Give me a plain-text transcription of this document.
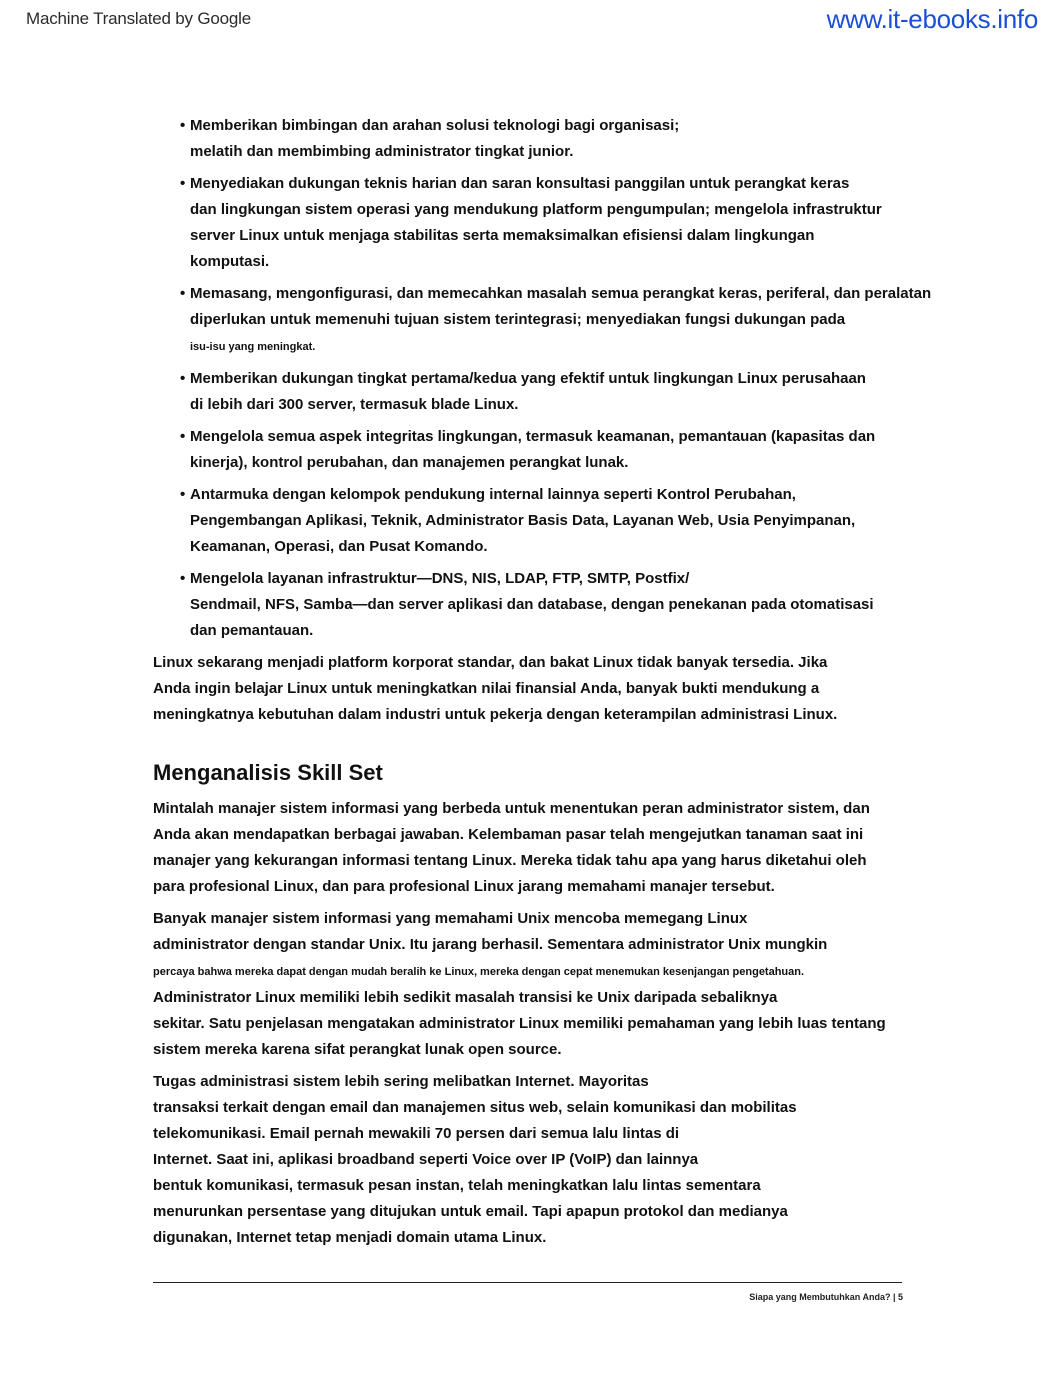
Machine Translated by Google	www.it-ebooks.info
• Memberikan bimbingan dan arahan solusi teknologi bagi organisasi;
melatih dan membimbing administrator tingkat junior.
• Menyediakan dukungan teknis harian dan saran konsultasi panggilan untuk perangkat keras
dan lingkungan sistem operasi yang mendukung platform pengumpulan; mengelola infrastruktur
server Linux untuk menjaga stabilitas serta memaksimalkan efisiensi dalam lingkungan
komputasi.
• Memasang, mengonfigurasi, dan memecahkan masalah semua perangkat keras, periferal, dan peralatan
diperlukan untuk memenuhi tujuan sistem terintegrasi; menyediakan fungsi dukungan pada
isu-isu yang meningkat.
• Memberikan dukungan tingkat pertama/kedua yang efektif untuk lingkungan Linux perusahaan
di lebih dari 300 server, termasuk blade Linux.
• Mengelola semua aspek integritas lingkungan, termasuk keamanan, pemantauan (kapasitas dan
kinerja), kontrol perubahan, dan manajemen perangkat lunak.
• Antarmuka dengan kelompok pendukung internal lainnya seperti Kontrol Perubahan,
Pengembangan Aplikasi, Teknik, Administrator Basis Data, Layanan Web, Usia Penyimpanan,
Keamanan, Operasi, dan Pusat Komando.
• Mengelola layanan infrastruktur—DNS, NIS, LDAP, FTP, SMTP, Postfix/
Sendmail, NFS, Samba—dan server aplikasi dan database, dengan penekanan pada otomatisasi
dan pemantauan.

Linux sekarang menjadi platform korporat standar, dan bakat Linux tidak banyak tersedia. Jika
Anda ingin belajar Linux untuk meningkatkan nilai finansial Anda, banyak bukti mendukung a
meningkatnya kebutuhan dalam industri untuk pekerja dengan keterampilan administrasi Linux.

Menganalisis Skill Set

Mintalah manajer sistem informasi yang berbeda untuk menentukan peran administrator sistem, dan
Anda akan mendapatkan berbagai jawaban. Kelembaman pasar telah mengejutkan tanaman saat ini
manajer yang kekurangan informasi tentang Linux. Mereka tidak tahu apa yang harus diketahui oleh
para profesional Linux, dan para profesional Linux jarang memahami manajer tersebut.

Banyak manajer sistem informasi yang memahami Unix mencoba memegang Linux
administrator dengan standar Unix. Itu jarang berhasil. Sementara administrator Unix mungkin
percaya bahwa mereka dapat dengan mudah beralih ke Linux, mereka dengan cepat menemukan kesenjangan pengetahuan.
Administrator Linux memiliki lebih sedikit masalah transisi ke Unix daripada sebaliknya
sekitar. Satu penjelasan mengatakan administrator Linux memiliki pemahaman yang lebih luas tentang
sistem mereka karena sifat perangkat lunak open source.

Tugas administrasi sistem lebih sering melibatkan Internet. Mayoritas
transaksi terkait dengan email dan manajemen situs web, selain komunikasi dan mobilitas
telekomunikasi. Email pernah mewakili 70 persen dari semua lalu lintas di
Internet. Saat ini, aplikasi broadband seperti Voice over IP (VoIP) dan lainnya
bentuk komunikasi, termasuk pesan instan, telah meningkatkan lalu lintas sementara
menurunkan persentase yang ditujukan untuk email. Tapi apapun protokol dan medianya
digunakan, Internet tetap menjadi domain utama Linux.

Siapa yang Membutuhkan Anda? | 5
